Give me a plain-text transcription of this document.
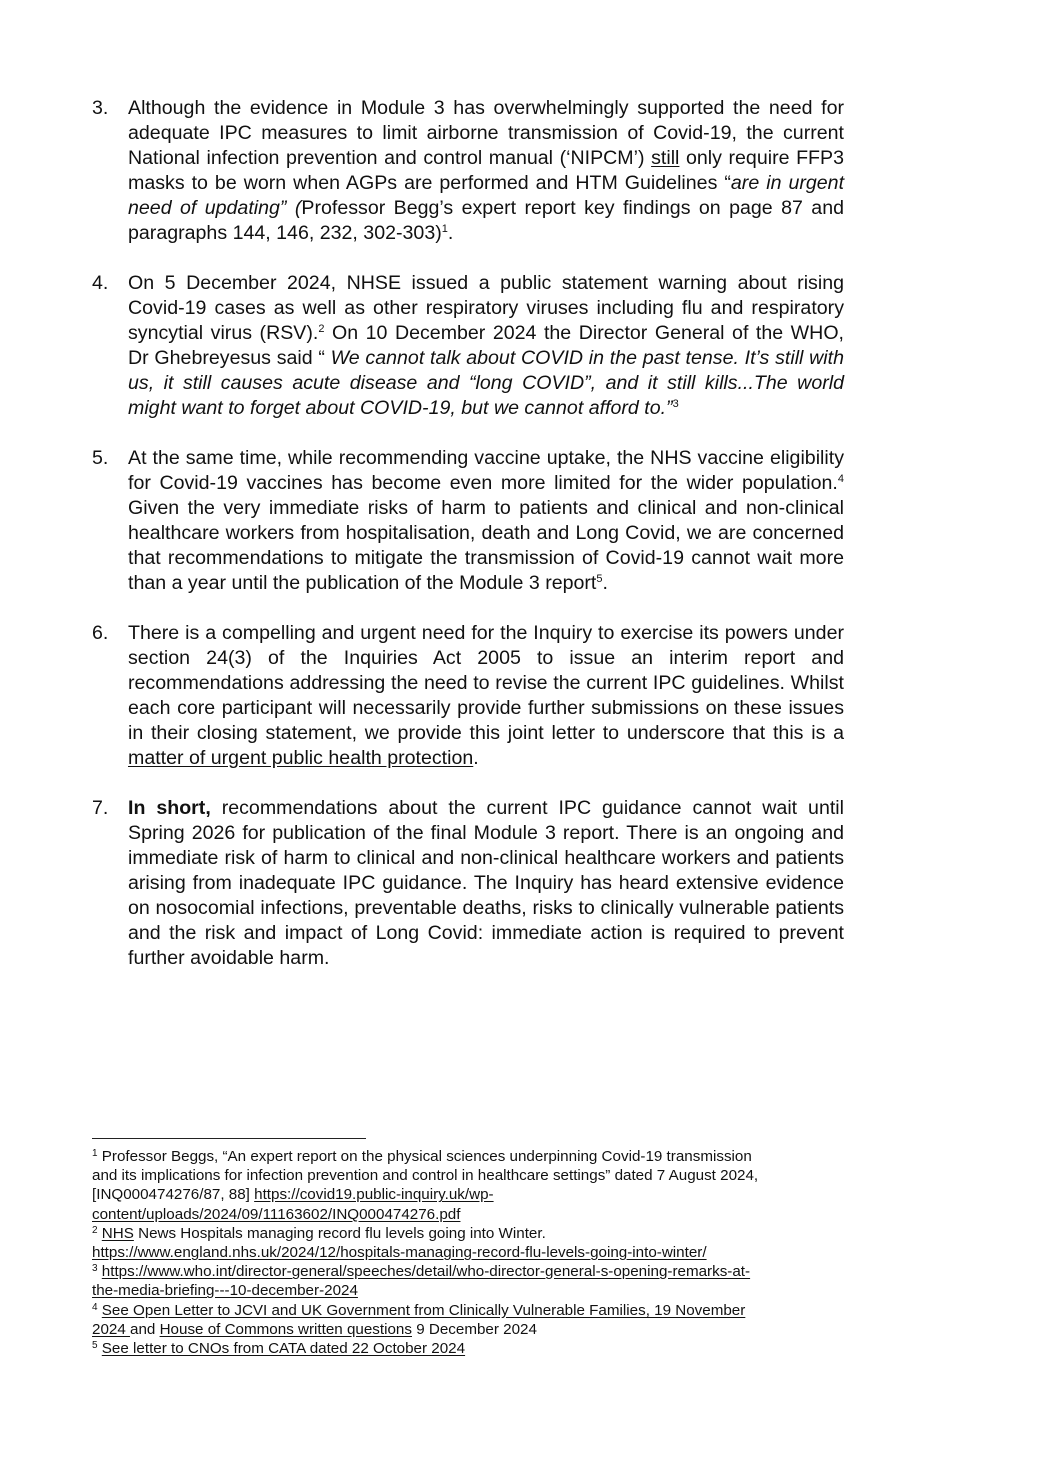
3. Although the evidence in Module 3 has overwhelmingly supported the need for adequate IPC measures to limit airborne transmission of Covid-19, the current National infection prevention and control manual (‘NIPCM’) still only require FFP3 masks to be worn when AGPs are performed and HTM Guidelines “are in urgent need of updating” (Professor Begg’s expert report key findings on page 87 and paragraphs 144, 146, 232, 302-303)$^1$.

4. On 5 December 2024, NHSE issued a public statement warning about rising Covid-19 cases as well as other respiratory viruses including flu and respiratory syncytial virus (RSV).$^2$ On 10 December 2024 the Director General of the WHO, Dr Ghebreyesus said “ We cannot talk about COVID in the past tense. It’s still with us, it still causes acute disease and “long COVID”, and it still kills...The world might want to forget about COVID-19, but we cannot afford to.”$^3$

5. At the same time, while recommending vaccine uptake, the NHS vaccine eligibility for Covid-19 vaccines has become even more limited for the wider population.$^4$ Given the very immediate risks of harm to patients and clinical and non-clinical healthcare workers from hospitalisation, death and Long Covid, we are concerned that recommendations to mitigate the transmission of Covid-19 cannot wait more than a year until the publication of the Module 3 report$^5$.

6. There is a compelling and urgent need for the Inquiry to exercise its powers under section 24(3) of the Inquiries Act 2005 to issue an interim report and recommendations addressing the need to revise the current IPC guidelines. Whilst each core participant will necessarily provide further submissions on these issues in their closing statement, we provide this joint letter to underscore that this is a matter of urgent public health protection.

7. In short, recommendations about the current IPC guidance cannot wait until Spring 2026 for publication of the final Module 3 report. There is an ongoing and immediate risk of harm to clinical and non-clinical healthcare workers and patients arising from inadequate IPC guidance. The Inquiry has heard extensive evidence on nosocomial infections, preventable deaths, risks to clinically vulnerable patients and the risk and impact of Long Covid: immediate action is required to prevent further avoidable harm.

$^1$ Professor Beggs, “An expert report on the physical sciences underpinning Covid-19 transmission
and its implications for infection prevention and control in healthcare settings” dated 7 August 2024,
[INQ000474276/87, 88] https://covid19.public-inquiry.uk/wp-
content/uploads/2024/09/11163602/INQ000474276.pdf
$^2$ NHS News Hospitals managing record flu levels going into Winter.
https://www.england.nhs.uk/2024/12/hospitals-managing-record-flu-levels-going-into-winter/
$^3$ https://www.who.int/director-general/speeches/detail/who-director-general-s-opening-remarks-at-
the-media-briefing---10-december-2024
$^4$ See Open Letter to JCVI and UK Government from Clinically Vulnerable Families, 19 November
2024 and House of Commons written questions 9 December 2024
$^5$ See letter to CNOs from CATA dated 22 October 2024
